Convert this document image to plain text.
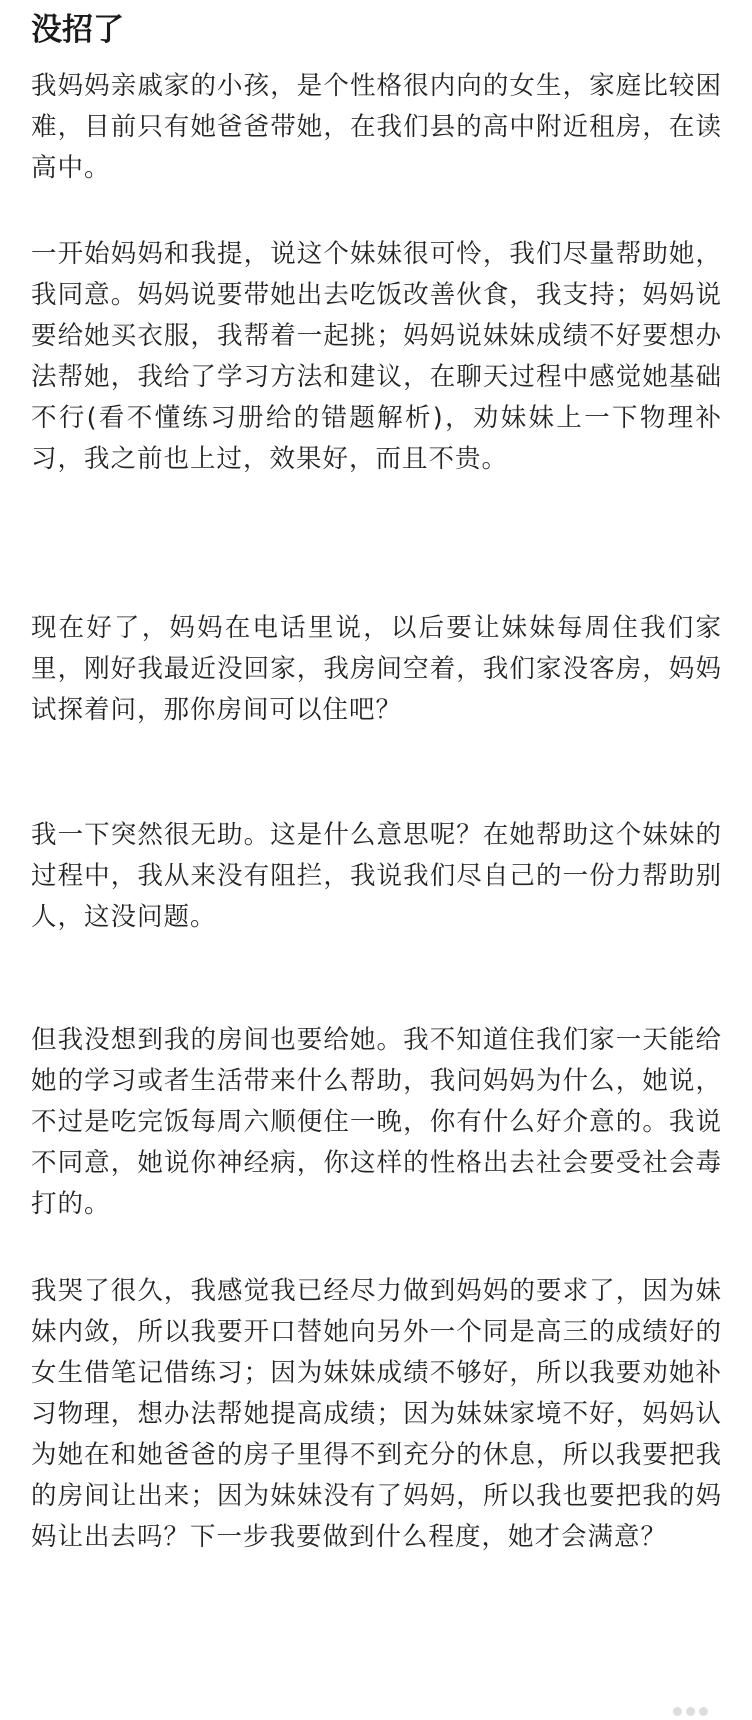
没招了

我妈妈亲戚家的小孩，是个性格很内向的女生，家庭比较困难，目前只有她爸爸带她，在我们县的高中附近租房，在读高中。

一开始妈妈和我提，说这个妹妹很可怜，我们尽量帮助她，我同意。妈妈说要带她出去吃饭改善伙食，我支持；妈妈说要给她买衣服，我帮着一起挑；妈妈说妹妹成绩不好要想办法帮她，我给了学习方法和建议，在聊天过程中感觉她基础不行(看不懂练习册给的错题解析)，劝妹妹上一下物理补习，我之前也上过，效果好，而且不贵。

现在好了，妈妈在电话里说，以后要让妹妹每周住我们家里，刚好我最近没回家，我房间空着，我们家没客房，妈妈试探着问，那你房间可以住吧？

我一下突然很无助。这是什么意思呢？在她帮助这个妹妹的过程中，我从来没有阻拦，我说我们尽自己的一份力帮助别人，这没问题。

但我没想到我的房间也要给她。我不知道住我们家一天能给她的学习或者生活带来什么帮助，我问妈妈为什么，她说，不过是吃完饭每周六顺便住一晚，你有什么好介意的。我说不同意，她说你神经病，你这样的性格出去社会要受社会毒打的。

我哭了很久，我感觉我已经尽力做到妈妈的要求了，因为妹妹内敛，所以我要开口替她向另外一个同是高三的成绩好的女生借笔记借练习；因为妹妹成绩不够好，所以我要劝她补习物理，想办法帮她提高成绩；因为妹妹家境不好，妈妈认为她在和她爸爸的房子里得不到充分的休息，所以我要把我的房间让出来；因为妹妹没有了妈妈，所以我也要把我的妈妈让出去吗？下一步我要做到什么程度，她才会满意？
